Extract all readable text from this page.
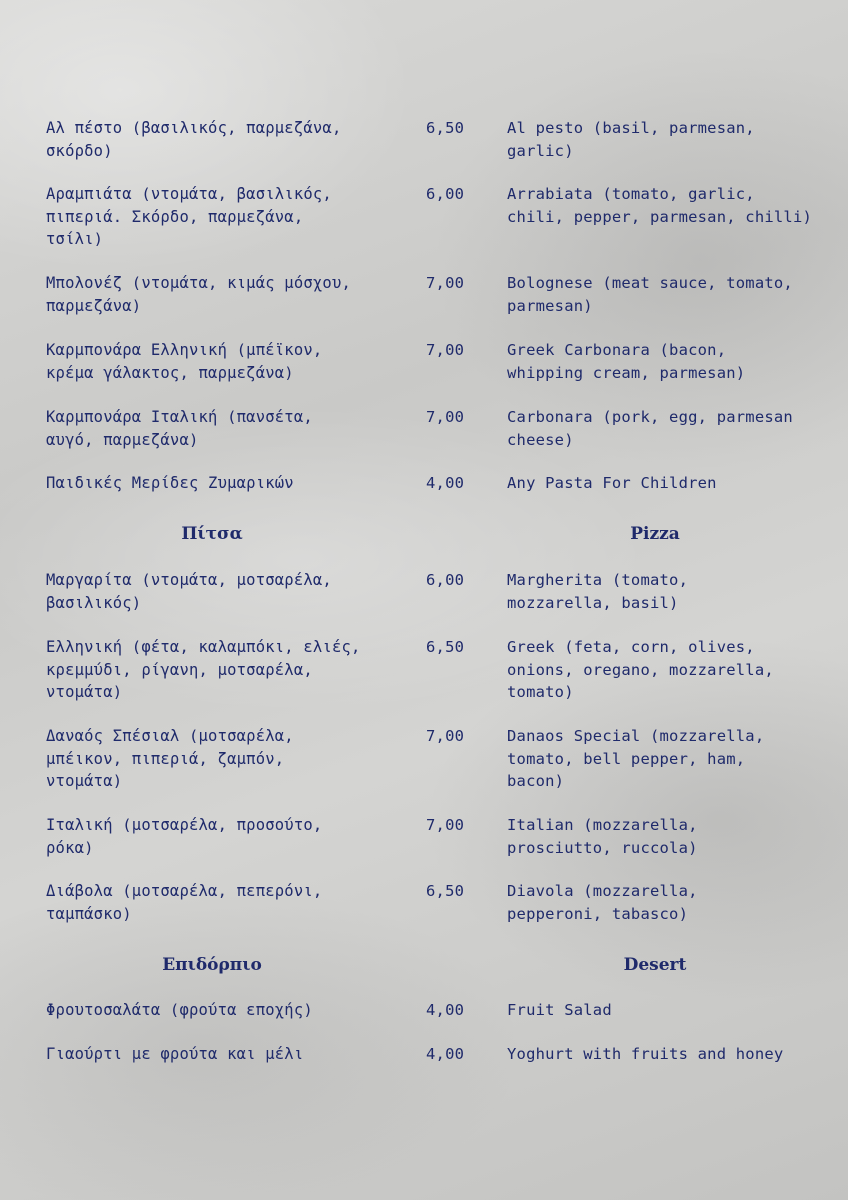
Αλ πέστο (βασιλικός, παρμεζάνα,
σκόρδο)
6,50	Al pesto (basil, parmesan,
garlic)
Αραμπιάτα (ντομάτα, βασιλικός,
πιπεριά. Σκόρδο, παρμεζάνα,
τσίλι)
6,00	Arrabiata (tomato, garlic,
chili, pepper, parmesan, chilli)
Μπολονέζ (ντομάτα, κιμάς μόσχου,
παρμεζάνα)
7,00	Bolognese (meat sauce, tomato,
parmesan)
Καρμπονάρα Ελληνική (μπέϊκον,
κρέμα γάλακτος, παρμεζάνα)
7,00	Greek Carbonara (bacon,
whipping cream, parmesan)
Καρμπονάρα Ιταλική (πανσέτα,
αυγό, παρμεζάνα)
7,00	Carbonara (pork, egg, parmesan
cheese)
Παιδικές Μερίδες Ζυμαρικών	4,00	Any Pasta For Children
Πίτσα	Pizza
Μαργαρίτα (ντομάτα, μοτσαρέλα,
βασιλικός)
6,00	Margherita (tomato,
mozzarella, basil)
Ελληνική (φέτα, καλαμπόκι, ελιές,
κρεμμύδι, ρίγανη, μοτσαρέλα,
ντομάτα)
6,50	Greek (feta, corn, olives,
onions, oregano, mozzarella,
tomato)
Δαναός Σπέσιαλ (μοτσαρέλα,
μπέικον, πιπεριά, ζαμπόν,
ντομάτα)
7,00	Danaos Special (mozzarella,
tomato, bell pepper, ham,
bacon)
Ιταλική (μοτσαρέλα, προσούτο,
ρόκα)
7,00	Italian (mozzarella,
prosciutto, ruccola)
Διάβολα (μοτσαρέλα, πεπερόνι,
ταμπάσκο)
6,50	Diavola (mozzarella,
pepperoni, tabasco)
Επιδόρπιο	Desert
Φρουτοσαλάτα (φρούτα εποχής)	4,00	Fruit Salad
Γιαούρτι με φρούτα και μέλι	4,00	Yoghurt with fruits and honey
